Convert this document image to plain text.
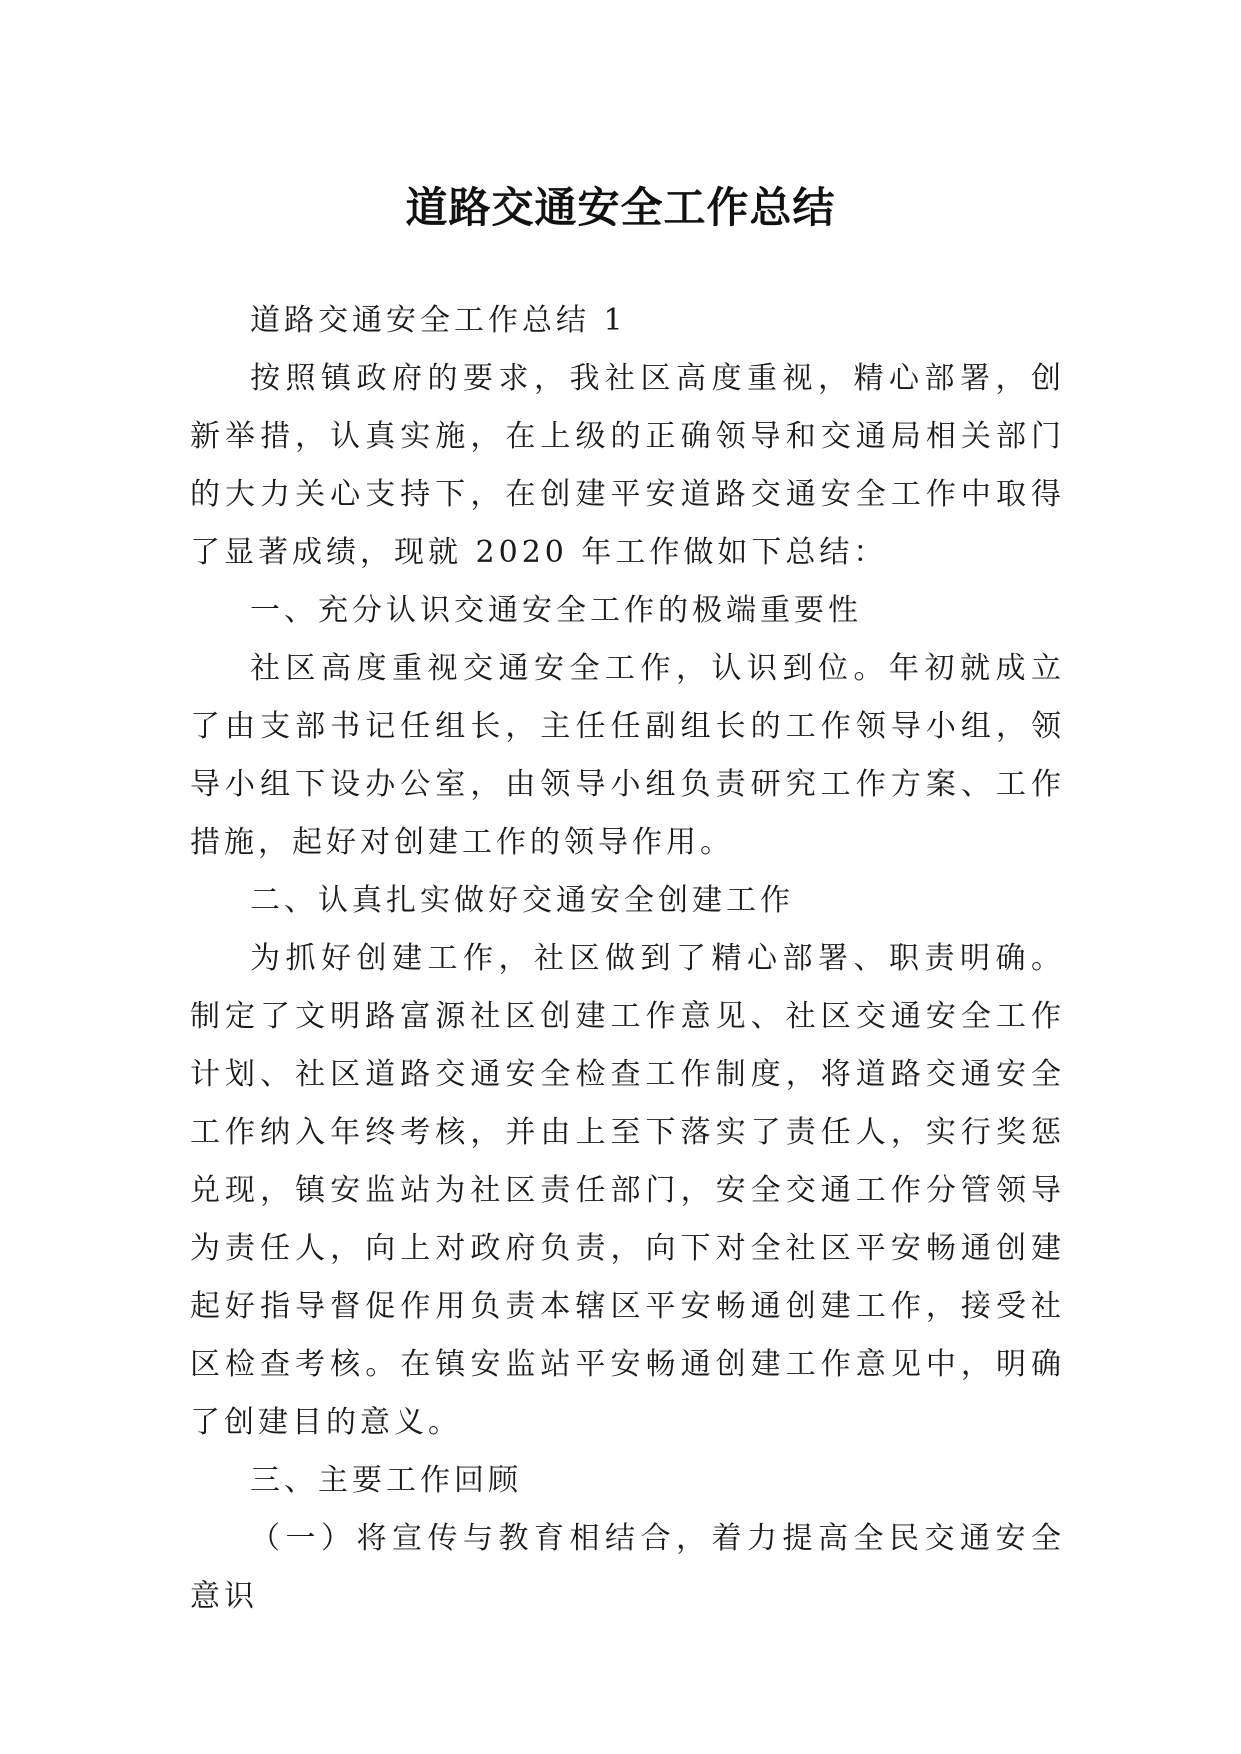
道路交通安全工作总结

道路交通安全工作总结 1

按照镇政府的要求，我社区高度重视，精心部署，创新举措，认真实施，在上级的正确领导和交通局相关部门的大力关心支持下，在创建平安道路交通安全工作中取得了显著成绩，现就 2020 年工作做如下总结：

一、充分认识交通安全工作的极端重要性

社区高度重视交通安全工作，认识到位。年初就成立了由支部书记任组长，主任任副组长的工作领导小组，领导小组下设办公室，由领导小组负责研究工作方案、工作措施，起好对创建工作的领导作用。

二、认真扎实做好交通安全创建工作

为抓好创建工作，社区做到了精心部署、职责明确。制定了文明路富源社区创建工作意见、社区交通安全工作计划、社区道路交通安全检查工作制度，将道路交通安全工作纳入年终考核，并由上至下落实了责任人，实行奖惩兑现，镇安监站为社区责任部门，安全交通工作分管领导为责任人，向上对政府负责，向下对全社区平安畅通创建起好指导督促作用负责本辖区平安畅通创建工作，接受社区检查考核。在镇安监站平安畅通创建工作意见中，明确了创建目的意义。

三、主要工作回顾

（一）将宣传与教育相结合，着力提高全民交通安全意识
